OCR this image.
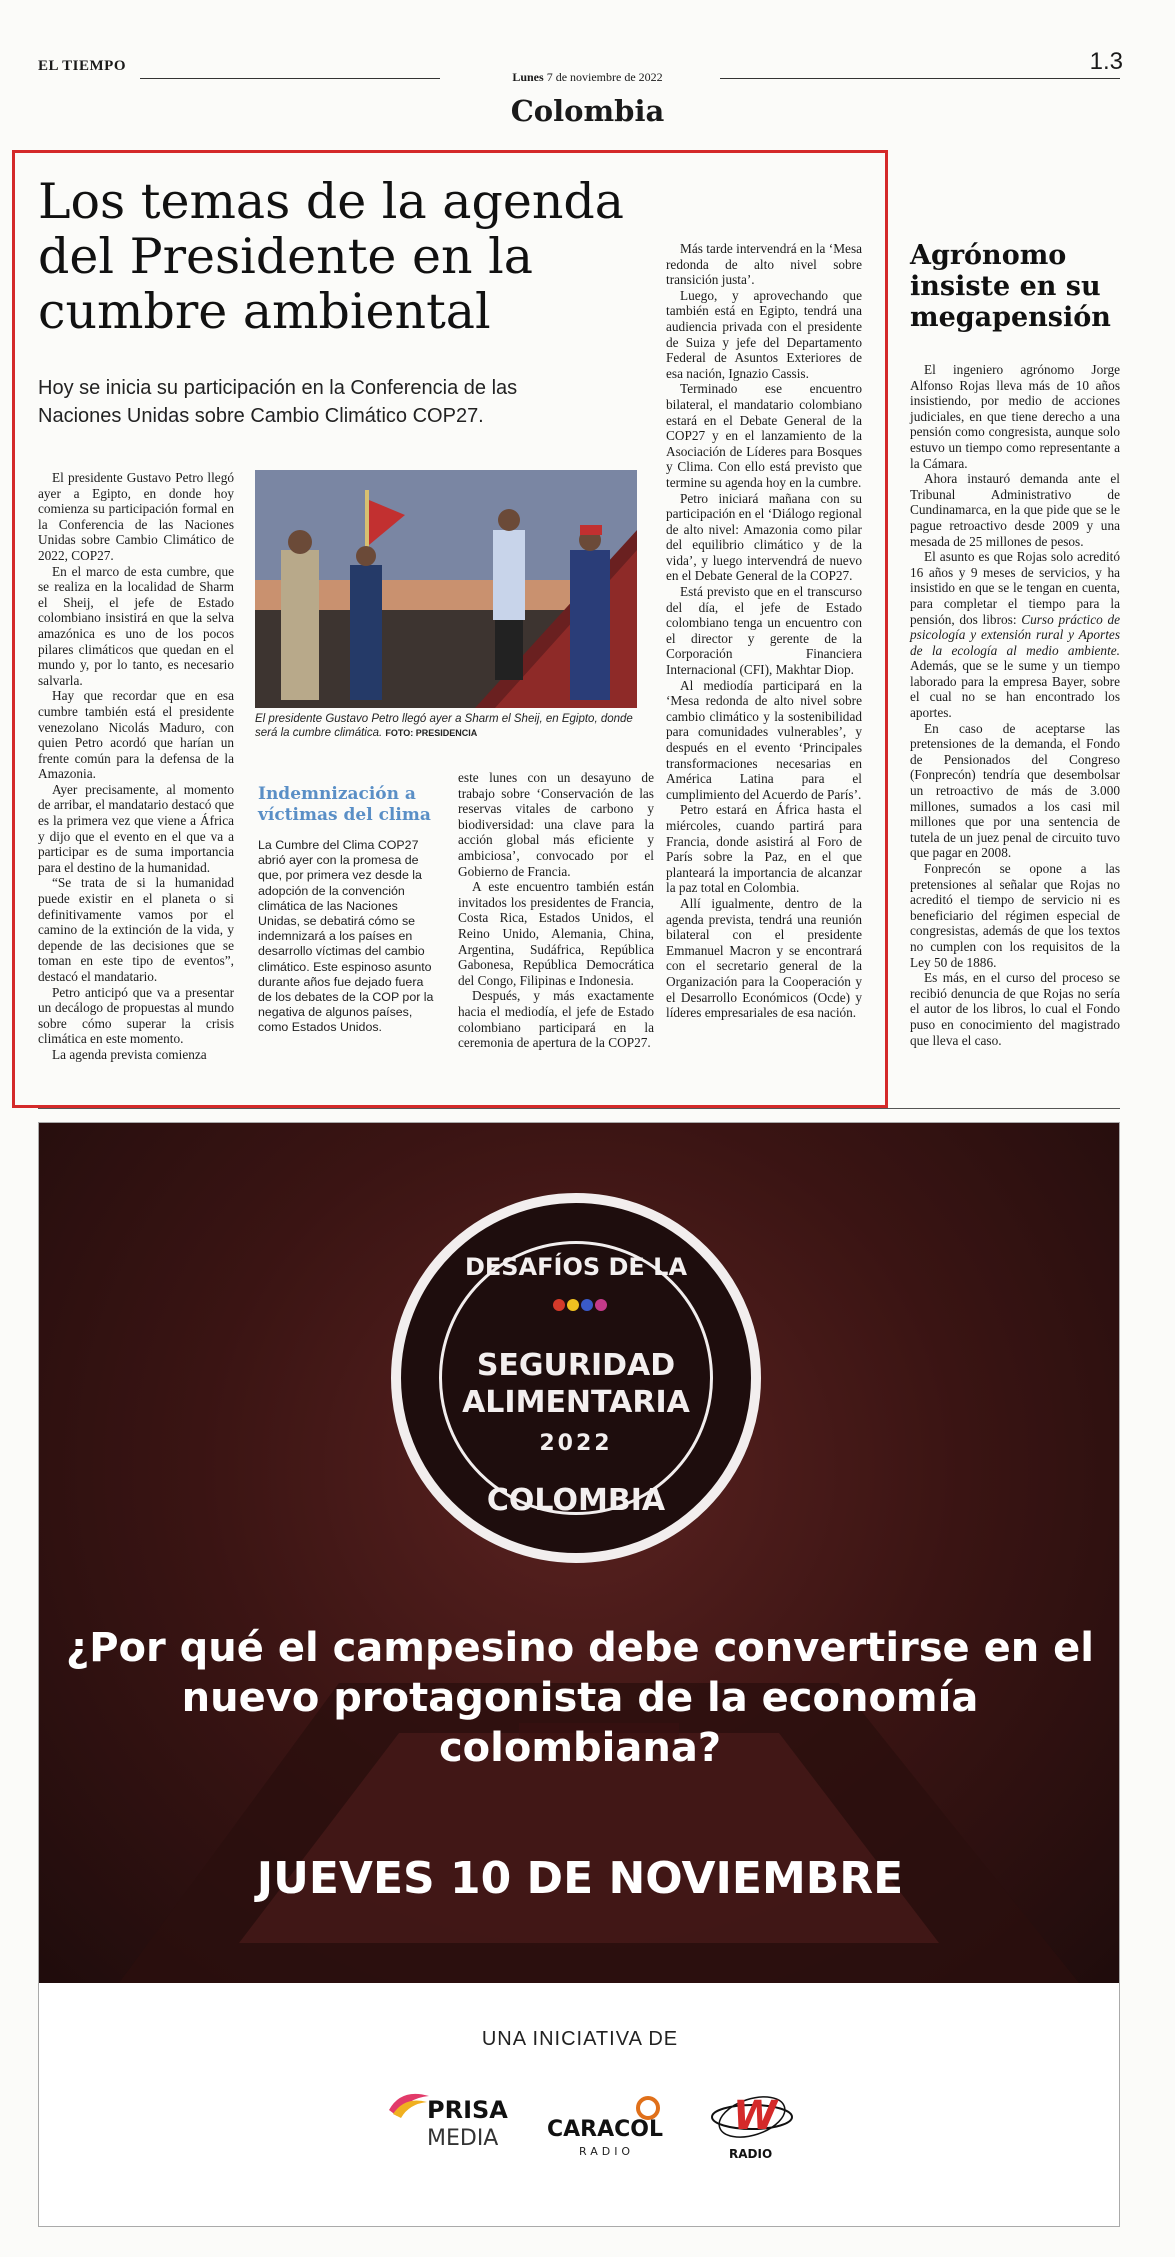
EL TIEMPO
Lunes 7 de noviembre de 2022
1.3
Colombia
Los temas de la agenda del Presidente en la cumbre ambiental
Hoy se inicia su participación en la Conferencia de las Naciones Unidas sobre Cambio Climático COP27.

El presidente Gustavo Petro llegó ayer a Egipto, en donde hoy comienza su participación formal en la Conferencia de las Naciones Unidas sobre Cambio Climático de 2022, COP27.

En el marco de esta cumbre, que se realiza en la localidad de Sharm el Sheij, el jefe de Estado colombiano insistirá en que la selva amazónica es uno de los pocos pilares climáticos que quedan en el mundo y, por lo tanto, es necesario salvarla.

Hay que recordar que en esa cumbre también está el presidente venezolano Nicolás Maduro, con quien Petro acordó que harían un frente común para la defensa de la Amazonia.

Ayer precisamente, al momento de arribar, el mandatario destacó que es la primera vez que viene a África y dijo que el evento en el que va a participar es de suma importancia para el destino de la humanidad.

“Se trata de si la humanidad puede existir en el planeta o si definitivamente vamos por el camino de la extinción de la vida, y depende de las decisiones que se toman en este tipo de eventos”, destacó el mandatario.

Petro anticipó que va a presentar un decálogo de propuestas al mundo sobre cómo superar la crisis climática en este momento.

La agenda prevista comienza

El presidente Gustavo Petro llegó ayer a Sharm el Sheij, en Egipto, donde será la cumbre climática. FOTO: PRESIDENCIA
Indemnización a víctimas del clima

La Cumbre del Clima COP27 abrió ayer con la promesa de que, por primera vez desde la adopción de la convención climática de las Naciones Unidas, se debatirá cómo se indemnizará a los países en desarrollo víctimas del cambio climático. Este espinoso asunto durante años fue dejado fuera de los debates de la COP por la negativa de algunos países, como Estados Unidos.

este lunes con un desayuno de trabajo sobre ‘Conservación de las reservas vitales de carbono y biodiversidad: una clave para la acción global más eficiente y ambiciosa’, convocado por el Gobierno de Francia.

A este encuentro también están invitados los presidentes de Francia, Costa Rica, Estados Unidos, el Reino Unido, Alemania, China, Argentina, Sudáfrica, República Gabonesa, República Democrática del Congo, Filipinas e Indonesia.

Después, y más exactamente hacia el mediodía, el jefe de Estado colombiano participará en la ceremonia de apertura de la COP27.

Más tarde intervendrá en la ‘Mesa redonda de alto nivel sobre transición justa’.

Luego, y aprovechando que también está en Egipto, tendrá una audiencia privada con el presidente de Suiza y jefe del Departamento Federal de Asuntos Exteriores de esa nación, Ignazio Cassis.

Terminado ese encuentro bilateral, el mandatario colombiano estará en el Debate General de la COP27 y en el lanzamiento de la Asociación de Líderes para Bosques y Clima. Con ello está previsto que termine su agenda hoy en la cumbre.

Petro iniciará mañana con su participación en el ‘Diálogo regional de alto nivel: Amazonia como pilar del equilibrio climático y de la vida’, y luego intervendrá de nuevo en el Debate General de la COP27.

Está previsto que en el transcurso del día, el jefe de Estado colombiano tenga un encuentro con el director y gerente de la Corporación Financiera Internacional (CFI), Makhtar Diop.

Al mediodía participará en la ‘Mesa redonda de alto nivel sobre cambio climático y la sostenibilidad para comunidades vulnerables’, y después en el evento ‘Principales transformaciones necesarias en América Latina para el cumplimiento del Acuerdo de París’.

Petro estará en África hasta el miércoles, cuando partirá para Francia, donde asistirá al Foro de París sobre la Paz, en el que planteará la importancia de alcanzar la paz total en Colombia.

Allí igualmente, dentro de la agenda prevista, tendrá una reunión bilateral con el presidente Emmanuel Macron y se encontrará con el secretario general de la Organización para la Cooperación y el Desarrollo Económicos (Ocde) y líderes empresariales de esa nación.

Agrónomo insiste en su megapensión

El ingeniero agrónomo Jorge Alfonso Rojas lleva más de 10 años insistiendo, por medio de acciones judiciales, en que tiene derecho a una pensión como congresista, aunque solo estuvo un tiempo como representante a la Cámara.

Ahora instauró demanda ante el Tribunal Administrativo de Cundinamarca, en la que pide que se le pague retroactivo desde 2009 y una mesada de 25 millones de pesos.

El asunto es que Rojas solo acreditó 16 años y 9 meses de servicios, y ha insistido en que se le tengan en cuenta, para completar el tiempo para la pensión, dos libros: Curso práctico de psicología y extensión rural y Aportes de la ecología al medio ambiente. Además, que se le sume y un tiempo laborado para la empresa Bayer, sobre el cual no se han encontrado los aportes.

En caso de aceptarse las pretensiones de la demanda, el Fondo de Pensionados del Congreso (Fonprecón) tendría que desembolsar un retroactivo de más de 3.000 millones, sumados a los casi mil millones que por una sentencia de tutela de un juez penal de circuito tuvo que pagar en 2008.

Fonprecón se opone a las pretensiones al señalar que Rojas no acreditó el tiempo de servicio ni es beneficiario del régimen especial de congresistas, además de que los textos no cumplen con los requisitos de la Ley 50 de 1886.

Es más, en el curso del proceso se recibió denuncia de que Rojas no sería el autor de los libros, lo cual el Fondo puso en conocimiento del magistrado que lleva el caso.

DESAFÍOS DE LA
SEGURIDAD
ALIMENTARIA
2022
COLOMBIA
¿Por qué el campesino debe convertirse en el nuevo protagonista de la economía colombiana?
JUEVES 10 DE NOVIEMBRE
UNA INICIATIVA DE
PRISA
MEDIA CARACOL
RADIO
W
RADIO
